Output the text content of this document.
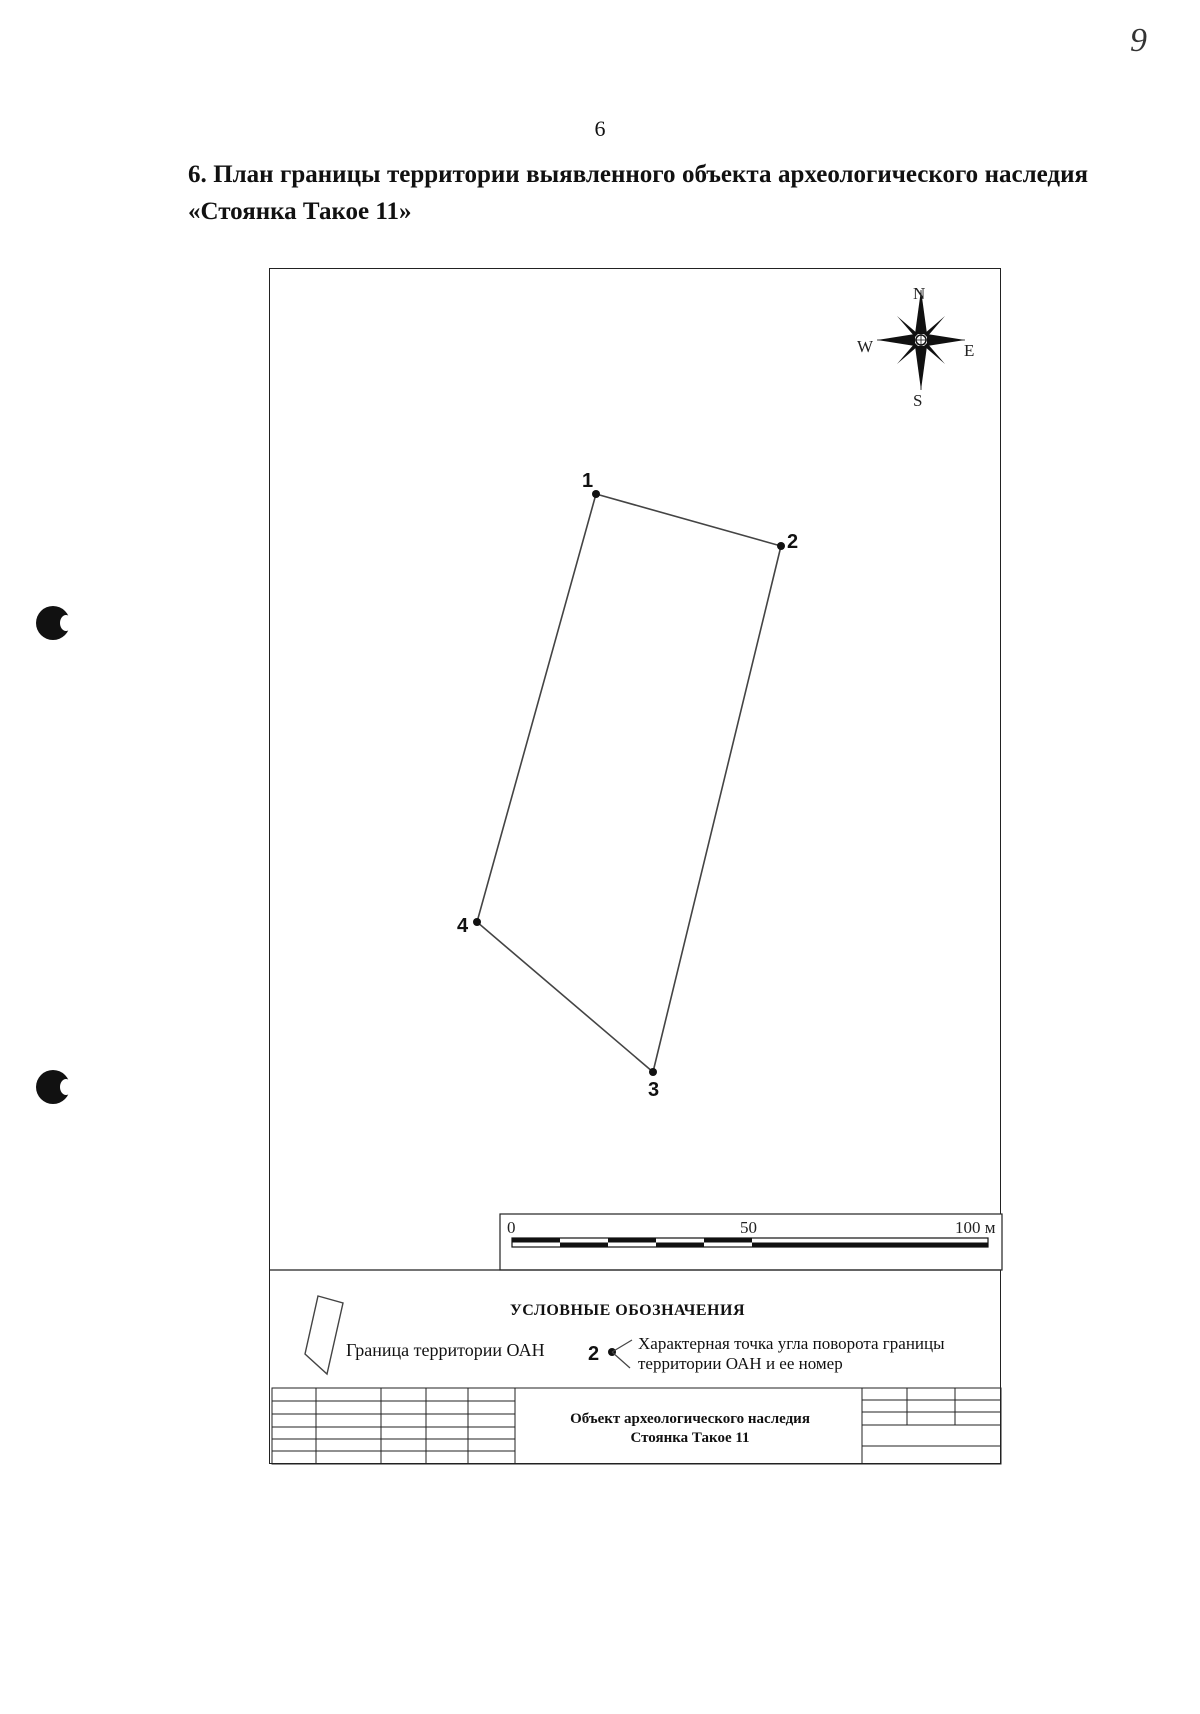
9
6
6. План границы территории выявленного объекта археологического наследия «Стоянка Такое 11»
N
S
W	E
1
2
3
4
0	50	100 м
2
УСЛОВНЫЕ ОБОЗНАЧЕНИЯ
Граница территории ОАН	Характерная точка угла поворота границы территории ОАН и ее номер
Объект археологического наследия
Стоянка Такое 11
